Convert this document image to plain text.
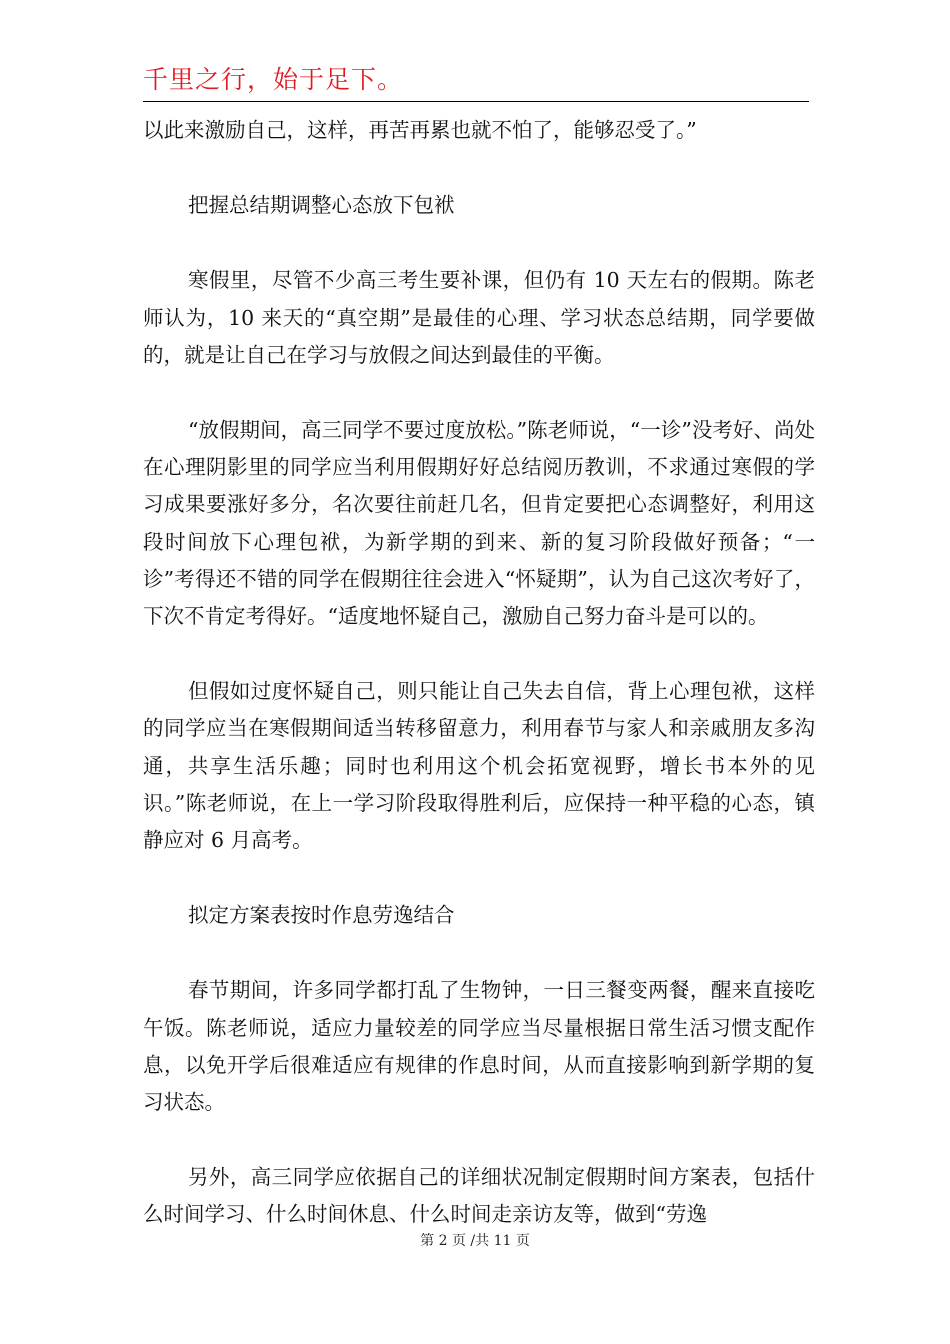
千里之行，始于足下。

以此来激励自己，这样，再苦再累也就不怕了，能够忍受了。”

把握总结期调整心态放下包袱

寒假里，尽管不少高三考生要补课，但仍有 10 天左右的假期。陈老师认为，10 来天的“真空期”是最佳的心理、学习状态总结期，同学要做的，就是让自己在学习与放假之间达到最佳的平衡。

“放假期间，高三同学不要过度放松。”陈老师说，“一诊”没考好、尚处在心理阴影里的同学应当利用假期好好总结阅历教训，不求通过寒假的学习成果要涨好多分，名次要往前赶几名，但肯定要把心态调整好，利用这段时间放下心理包袱，为新学期的到来、新的复习阶段做好预备；“一诊”考得还不错的同学在假期往往会进入“怀疑期”，认为自己这次考好了，下次不肯定考得好。“适度地怀疑自己，激励自己努力奋斗是可以的。

但假如过度怀疑自己，则只能让自己失去自信，背上心理包袱，这样的同学应当在寒假期间适当转移留意力，利用春节与家人和亲戚朋友多沟通，共享生活乐趣；同时也利用这个机会拓宽视野，增长书本外的见识。”陈老师说，在上一学习阶段取得胜利后，应保持一种平稳的心态，镇静应对 6 月高考。

拟定方案表按时作息劳逸结合

春节期间，许多同学都打乱了生物钟，一日三餐变两餐，醒来直接吃午饭。陈老师说，适应力量较差的同学应当尽量根据日常生活习惯支配作息，以免开学后很难适应有规律的作息时间，从而直接影响到新学期的复习状态。

另外，高三同学应依据自己的详细状况制定假期时间方案表，包括什么时间学习、什么时间休息、什么时间走亲访友等，做到“劳逸

第 2 页 /共 11 页
